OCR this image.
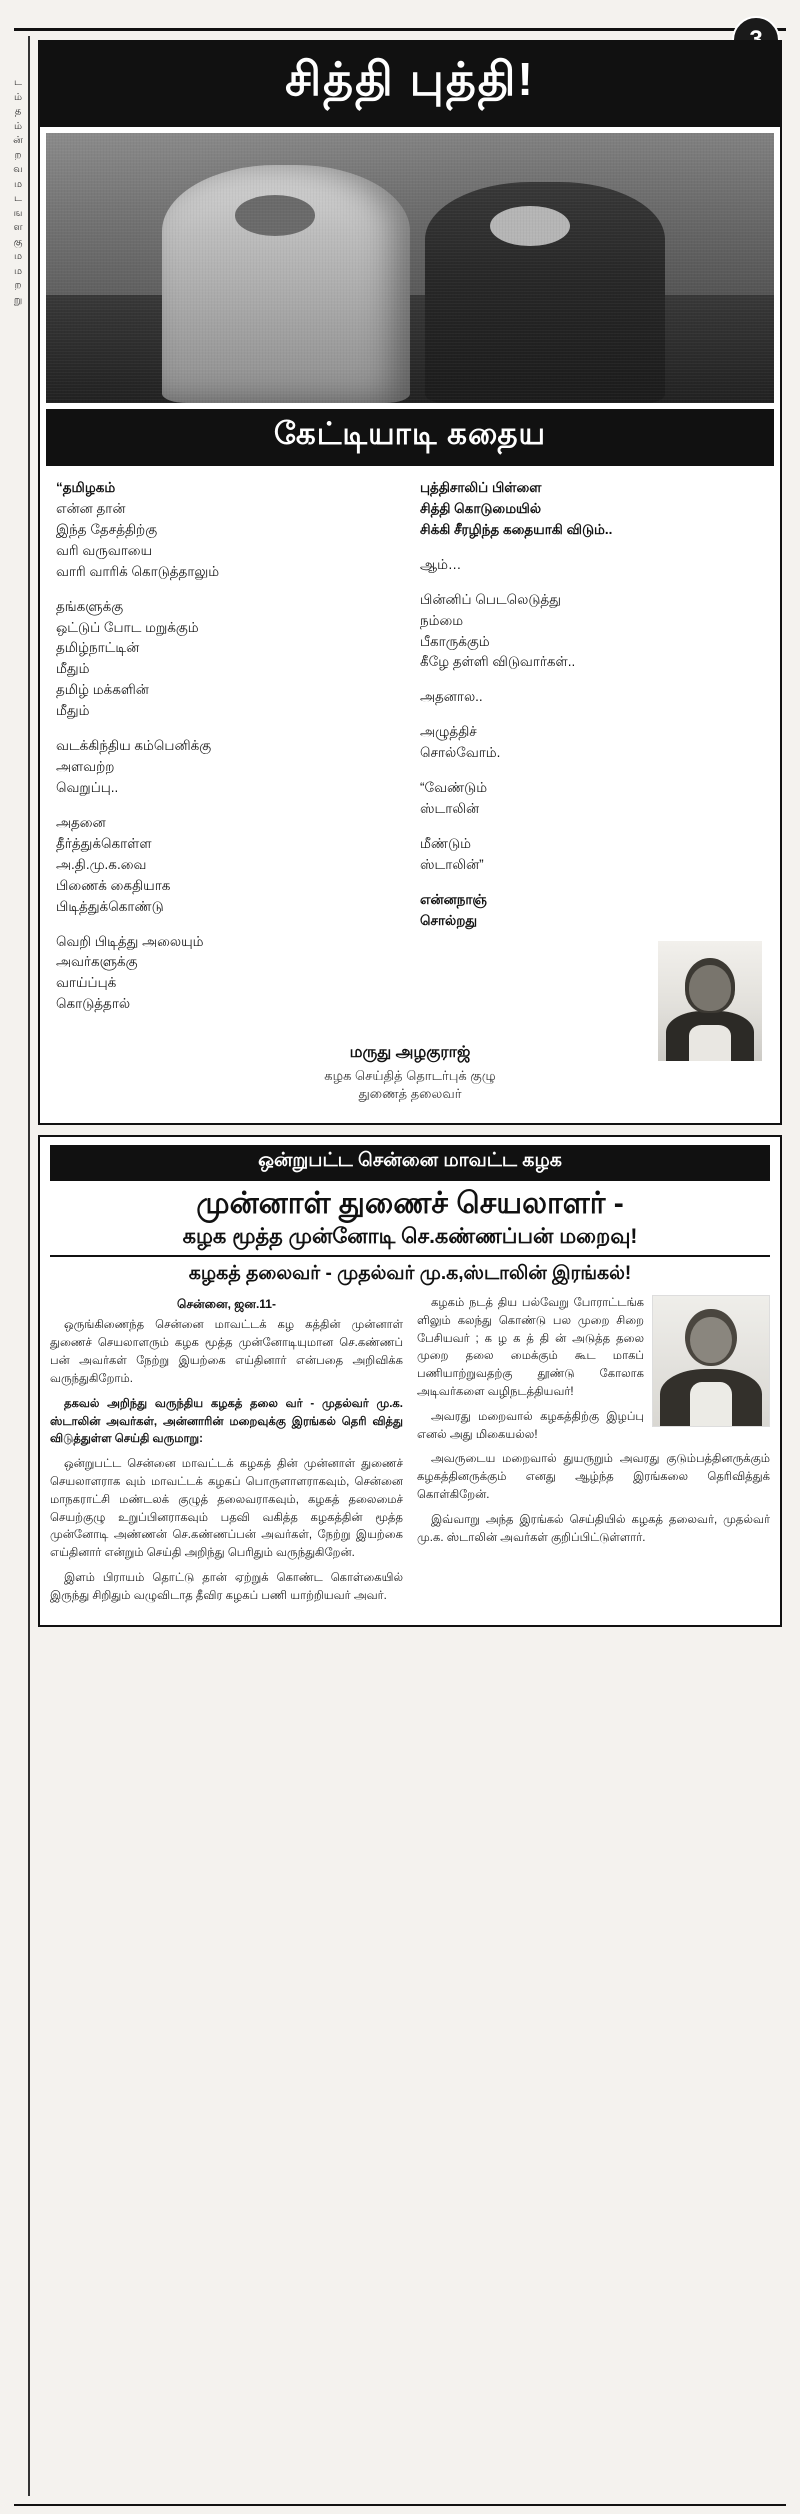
ட
ம்
த
ம்
ன்
ற
வ
ம
ட
ங
ள
கு
ம
ம
ற
று
சித்தி புத்தி!
கேட்டியாடி கதைய
“தமிழகம்
என்ன தான்
இந்த தேசத்திற்கு
வரி வருவாயை
வாரி வாரிக் கொடுத்தாலும்
தங்களுக்கு
ஒட்டுப் போட மறுக்கும்
தமிழ்நாட்டின்
மீதும்
தமிழ் மக்களின்
மீதும்
வடக்கிந்திய கம்பெனிக்கு
அளவற்ற
வெறுப்பு..
அதனை
தீர்த்துக்கொள்ள
அ.தி.மு.க.வை
பிணைக் கைதியாக
பிடித்துக்கொண்டு
வெறி பிடித்து அலையும்
அவர்களுக்கு
வாய்ப்புக்
கொடுத்தால்
புத்திசாலிப் பிள்ளை
சித்தி கொடுமையில்
சிக்கி சீரழிந்த கதையாகி விடும்..
ஆம்…
பின்னிப் பெடலெடுத்து
நம்மை
பீகாருக்கும்
கீழே தள்ளி விடுவார்கள்..
அதனால..
அழுத்திச்
சொல்வோம்.
“வேண்டும்
ஸ்டாலின்
மீண்டும்
ஸ்டாலின்”
என்னநாஞ்
சொல்றது
மருது அழகுராஜ்
கழக செய்தித் தொடர்புக் குழு
துணைத் தலைவர்
ஒன்றுபட்ட சென்னை மாவட்ட கழக
முன்னாள் துணைச் செயலாளர் -
கழக மூத்த முன்னோடி செ.கண்ணப்பன் மறைவு!
கழகத் தலைவர் - முதல்வர் மு.க,ஸ்டாலின் இரங்கல்!
சென்னை, ஜன.11-

ஒருங்கிணைந்த சென்னை மாவட்டக் கழ கத்தின் முன்னாள் துணைச் செயலாளரும் கழக மூத்த முன்னோடியுமான செ.கண்ணப் பன் அவர்கள் நேற்று இயற்கை எய்தினார் என்பதை அறிவிக்க வருந்துகிறோம்.

தகவல் அறிந்து வருந்திய கழகத் தலை வர் - முதல்வர் மு.க. ஸ்டாலின் அவர்கள், அன்னாரின் மறைவுக்கு இரங்கல் தெரி வித்து விடுத்துள்ள செய்தி வருமாறு:

ஒன்றுபட்ட சென்னை மாவட்டக் கழகத் தின் முன்னாள் துணைச் செயலாளராக வும் மாவட்டக் கழகப் பொருளாளராகவும், சென்னை மாநகராட்சி மண்டலக் குழுத் தலைவராகவும், கழகத் தலைமைச் செயற்குழு உறுப்பினராகவும் பதவி வகித்த கழகத்தின் மூத்த முன்னோடி அண்ணன் செ.கண்ணப்பன் அவர்கள், நேற்று இயற்கை எய்தினார் என்றும் செய்தி அறிந்து பெரிதும் வருந்துகிறேன்.

இளம் பிராயம் தொட்டு தான் ஏற்றுக் கொண்ட கொள்கையில் இருந்து சிறிதும் வழுவிடாத தீவிர கழகப் பணி யாற்றியவர் அவர்.

கழகம் நடத் திய பல்வேறு போராட்டங்க ளிலும் கலந்து கொண்டு பல முறை சிறை பேசியவர் ; க ழ க த் தி ன் அடுத்த தலை முறை தலை மைக்கும் கூட மாகப் பணியாற்றுவதற்கு தூண்டு கோலாக அடிவர்களை வழிநடத்தியவர்!

அவரது மறைவால் கழகத்திற்கு இழப்பு எனல் அது மிகையல்ல!

அவருடைய மறைவால் துயருறும் அவரது குடும்பத்தினருக்கும் கழகத்தினருக்கும் எனது ஆழ்ந்த இரங்கலை தெரிவித்துக் கொள்கிறேன்.

இவ்வாறு அந்த இரங்கல் செய்தியில் கழகத் தலைவர், முதல்வர் மு.க. ஸ்டாலின் அவர்கள் குறிப்பிட்டுள்ளார்.
